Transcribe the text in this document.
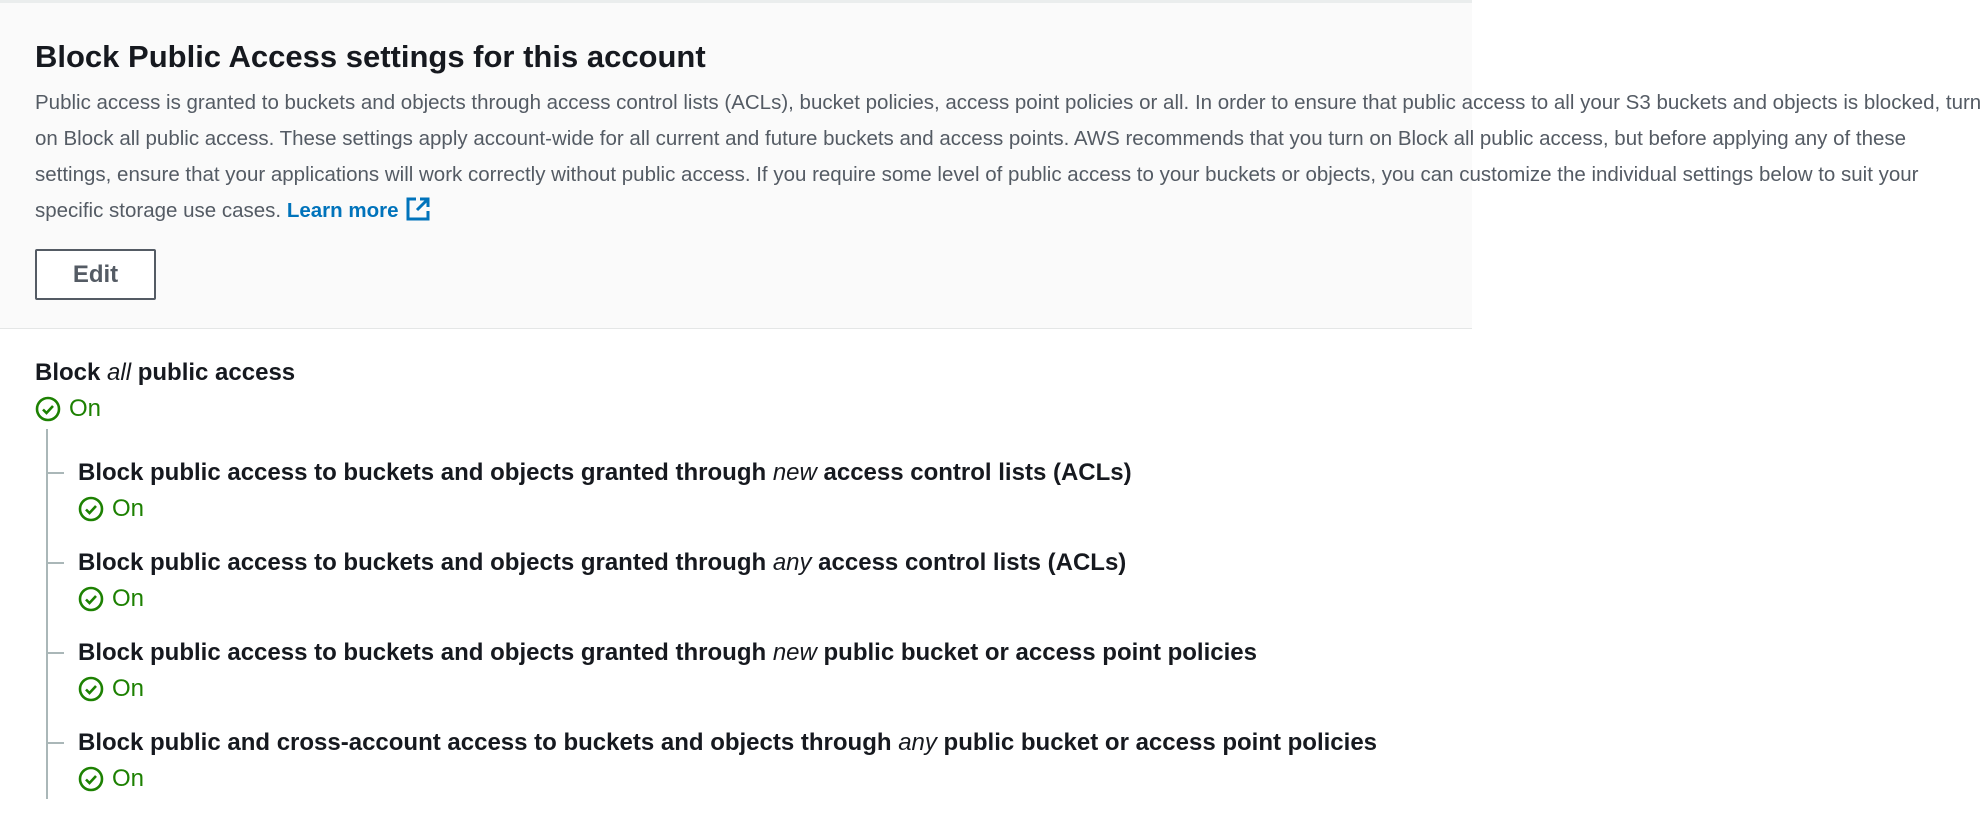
Block Public Access settings for this account
Public access is granted to buckets and objects through access control lists (ACLs), bucket policies, access point policies or all. In order to ensure that public access to all your S3 buckets and objects is blocked, turn
on Block all public access. These settings apply account-wide for all current and future buckets and access points. AWS recommends that you turn on Block all public access, but before applying any of these
settings, ensure that your applications will work correctly without public access. If you require some level of public access to your buckets or objects, you can customize the individual settings below to suit your
specific storage use cases. Learn more
Edit
Block all public access
On
Block public access to buckets and objects granted through new access control lists (ACLs)
On
Block public access to buckets and objects granted through any access control lists (ACLs)
On
Block public access to buckets and objects granted through new public bucket or access point policies
On
Block public and cross-account access to buckets and objects through any public bucket or access point policies
On
